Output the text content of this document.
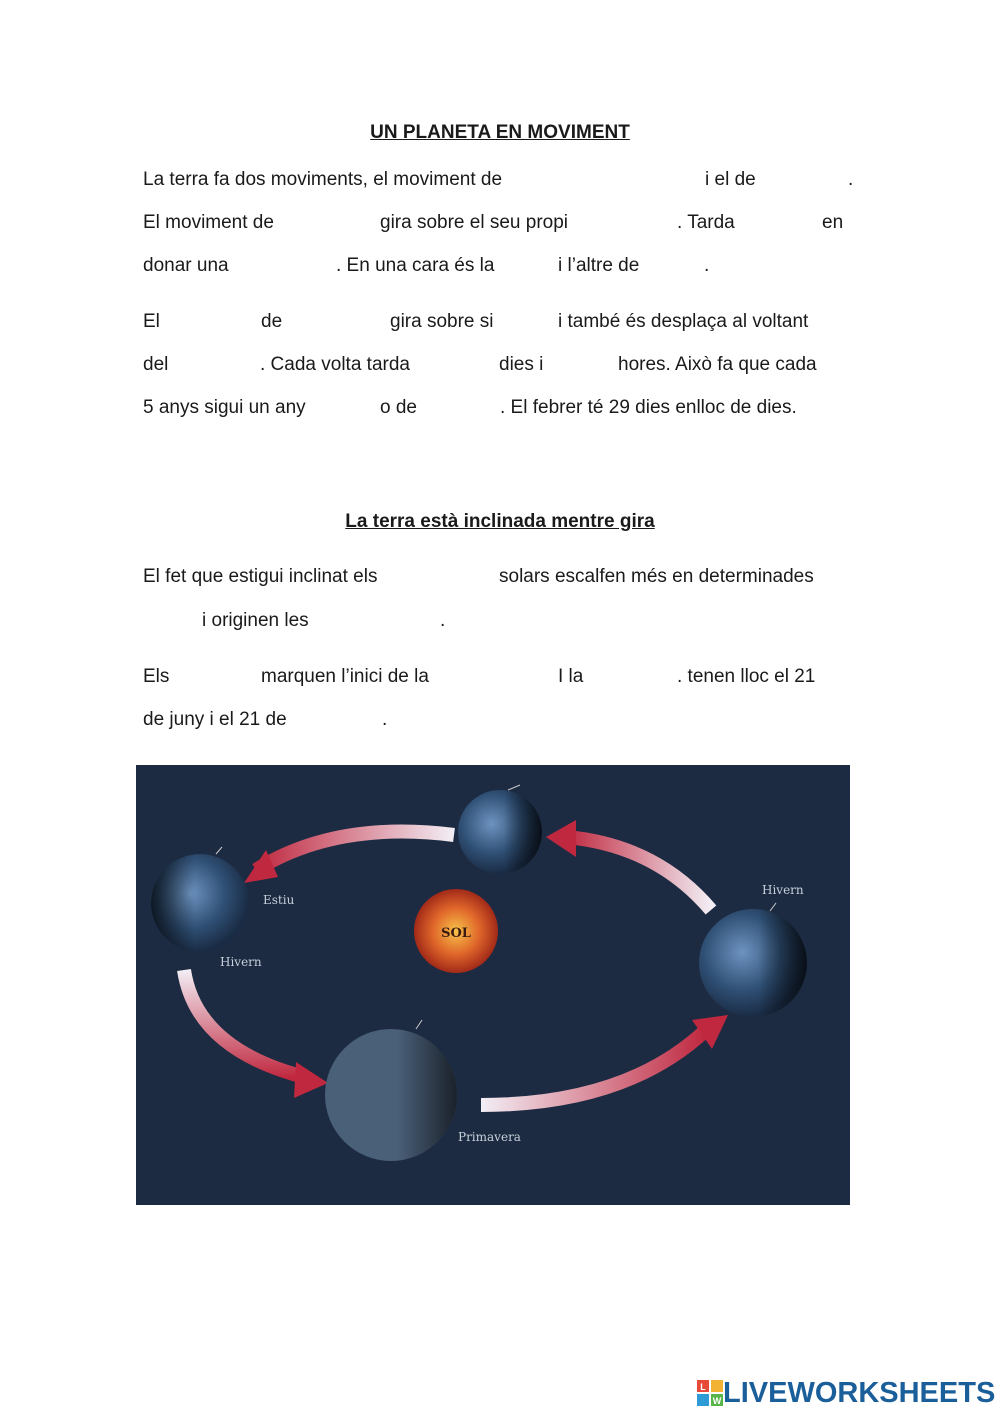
UN PLANETA EN MOVIMENT
La terra fa dos moviments, el moviment de	i el de	.
El moviment de	gira sobre el seu propi	. Tarda	en
donar una	. En una cara és la	i l’altre de	.
El	de	gira sobre si	i també és desplaça al voltant
del	. Cada volta tarda	dies i	hores. Això fa que cada
5 anys sigui un any	o de	. El febrer té 29 dies enlloc de dies.
La terra està inclinada mentre gira
El fet que estigui inclinat els	solars escalfen més en determinades
i originen les	.
Els	marquen l’inici de la	I la	. tenen lloc el 21
de juny i el 21 de	.
SOL
Estiu
Hivern
Hivern
Primavera
L
W LIVEWORKSHEETS
